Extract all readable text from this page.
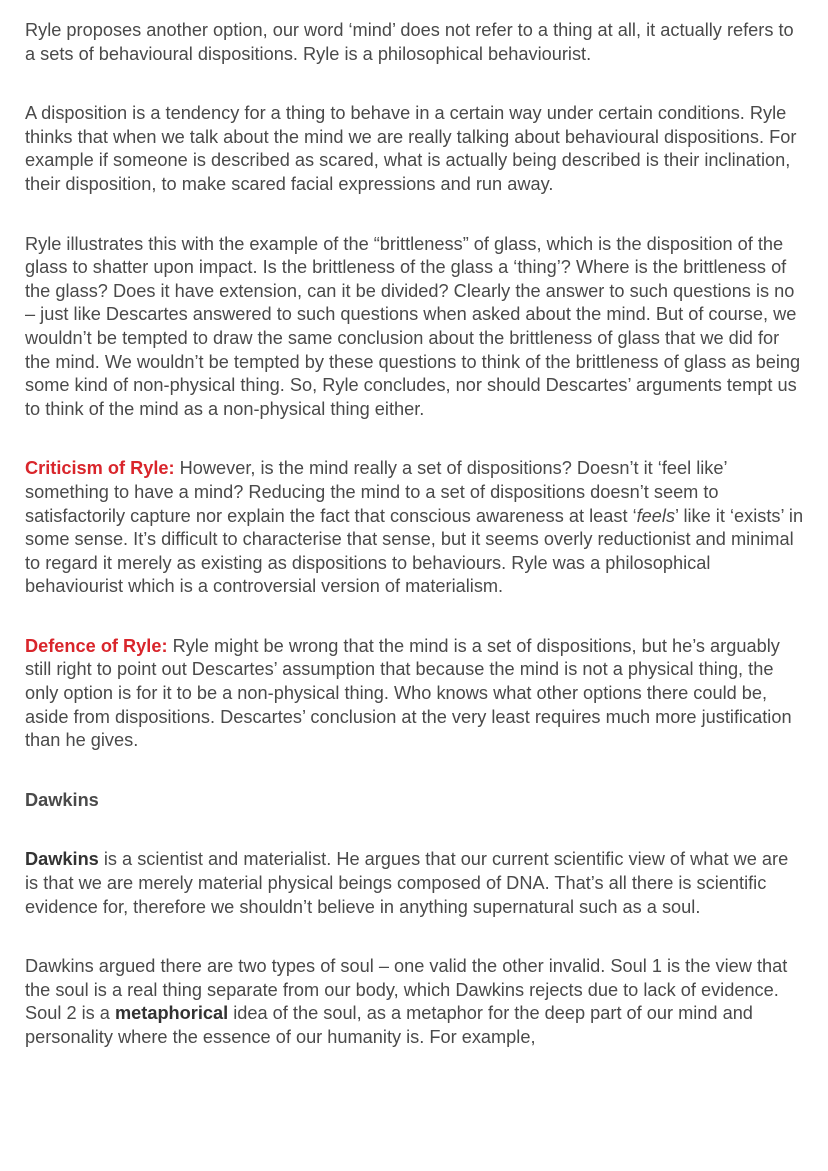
Ryle proposes another option, our word ‘mind’ does not refer to a thing at all, it actually refers to a sets of behavioural dispositions. Ryle is a philosophical behaviourist.

A disposition is a tendency for a thing to behave in a certain way under certain conditions. Ryle thinks that when we talk about the mind we are really talking about behavioural dispositions. For example if someone is described as scared, what is actually being described is their inclination, their disposition, to make scared facial expressions and run away.

Ryle illustrates this with the example of the “brittleness” of glass, which is the disposition of the glass to shatter upon impact. Is the brittleness of the glass a ‘thing’? Where is the brittleness of the glass? Does it have extension, can it be divided? Clearly the answer to such questions is no – just like Descartes answered to such questions when asked about the mind. But of course, we wouldn’t be tempted to draw the same conclusion about the brittleness of glass that we did for the mind. We wouldn’t be tempted by these questions to think of the brittleness of glass as being some kind of non-physical thing. So, Ryle concludes, nor should Descartes’ arguments tempt us to think of the mind as a non-physical thing either.

Criticism of Ryle: However, is the mind really a set of dispositions? Doesn’t it ‘feel like’ something to have a mind? Reducing the mind to a set of dispositions doesn’t seem to satisfactorily capture nor explain the fact that conscious awareness at least ‘feels’ like it ‘exists’ in some sense. It’s difficult to characterise that sense, but it seems overly reductionist and minimal to regard it merely as existing as dispositions to behaviours. Ryle was a philosophical behaviourist which is a controversial version of materialism.

Defence of Ryle: Ryle might be wrong that the mind is a set of dispositions, but he’s arguably still right to point out Descartes’ assumption that because the mind is not a physical thing, the only option is for it to be a non-physical thing. Who knows what other options there could be, aside from dispositions. Descartes’ conclusion at the very least requires much more justification than he gives.

Dawkins

Dawkins is a scientist and materialist. He argues that our current scientific view of what we are is that we are merely material physical beings composed of DNA. That’s all there is scientific evidence for, therefore we shouldn’t believe in anything supernatural such as a soul.

Dawkins argued there are two types of soul – one valid the other invalid. Soul 1 is the view that the soul is a real thing separate from our body, which Dawkins rejects due to lack of evidence. Soul 2 is a metaphorical idea of the soul, as a metaphor for the deep part of our mind and personality where the essence of our humanity is. For example,
